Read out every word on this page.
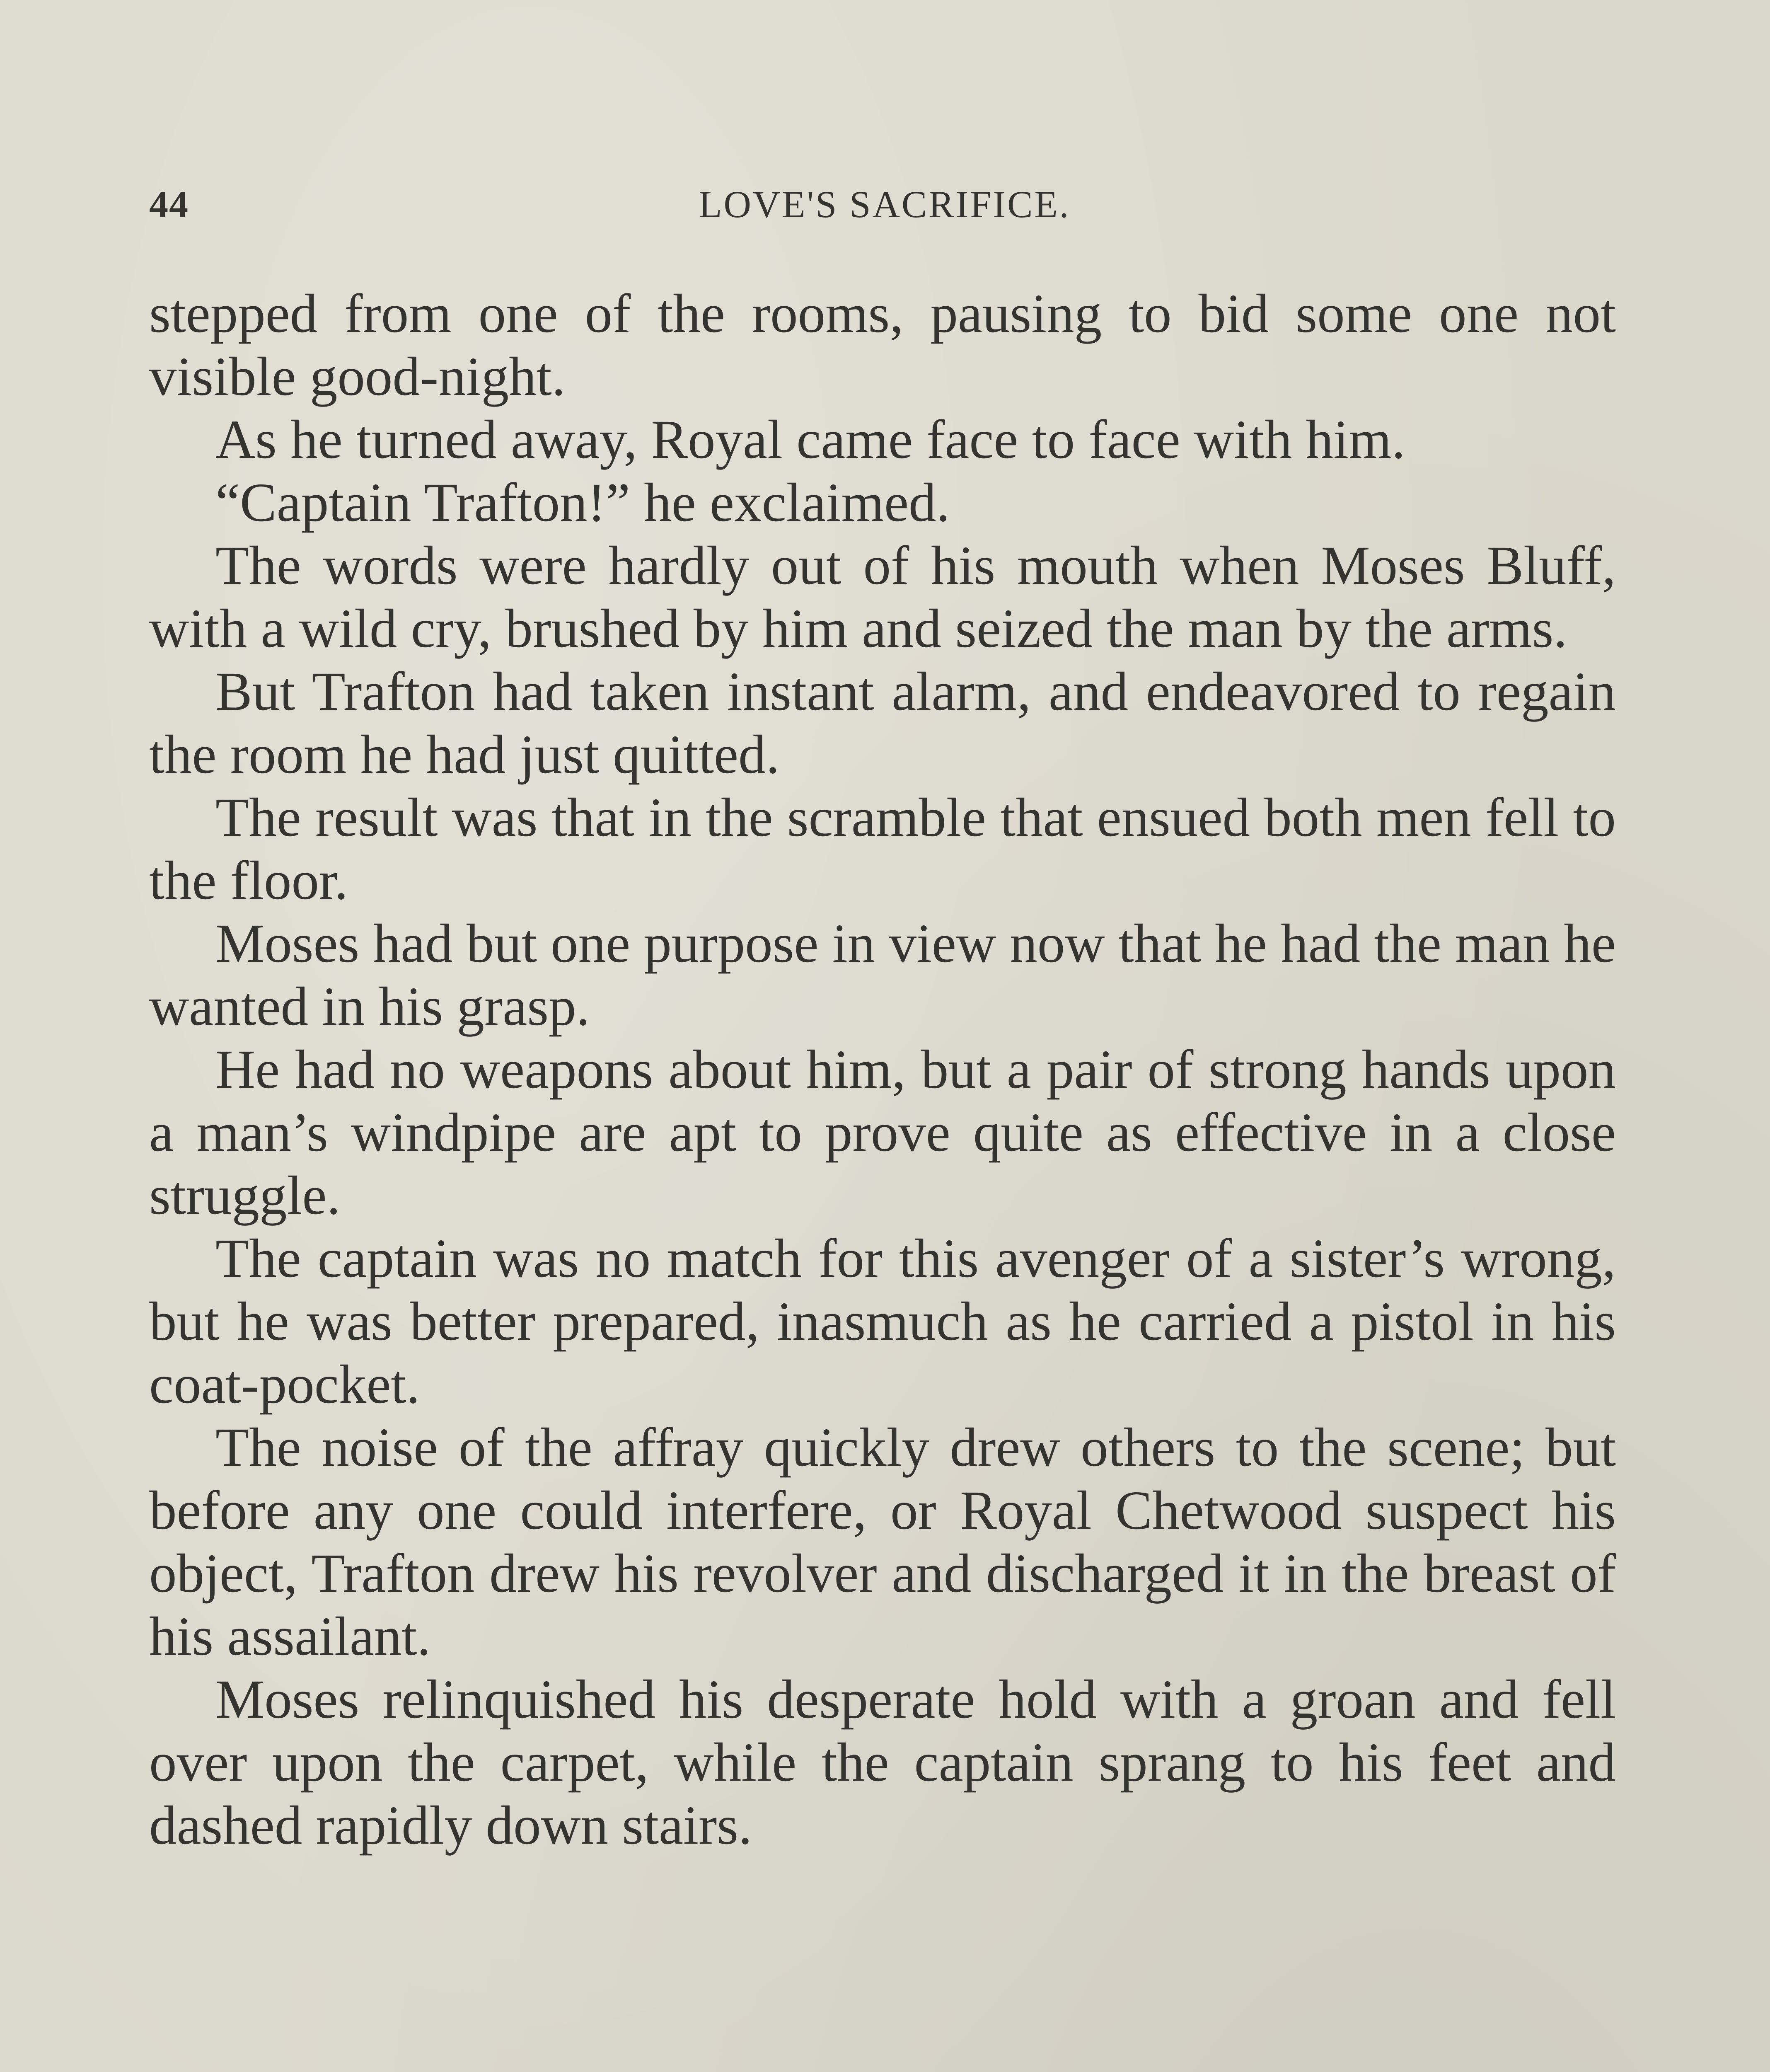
44	LOVE'S SACRIFICE.

stepped from one of the rooms, pausing to bid some one not visible good-night.

As he turned away, Royal came face to face with him.

“Captain Trafton!” he exclaimed.

The words were hardly out of his mouth when Moses Bluff, with a wild cry, brushed by him and seized the man by the arms.

But Trafton had taken instant alarm, and endeavored to regain the room he had just quitted.

The result was that in the scramble that ensued both men fell to the floor.

Moses had but one purpose in view now that he had the man he wanted in his grasp.

He had no weapons about him, but a pair of strong hands upon a man’s windpipe are apt to prove quite as effective in a close struggle.

The captain was no match for this avenger of a sister’s wrong, but he was better prepared, inasmuch as he carried a pistol in his coat-pocket.

The noise of the affray quickly drew others to the scene; but before any one could interfere, or Royal Chetwood suspect his object, Trafton drew his revolver and discharged it in the breast of his assailant.

Moses relinquished his desperate hold with a groan and fell over upon the carpet, while the captain sprang to his feet and dashed rapidly down stairs.
